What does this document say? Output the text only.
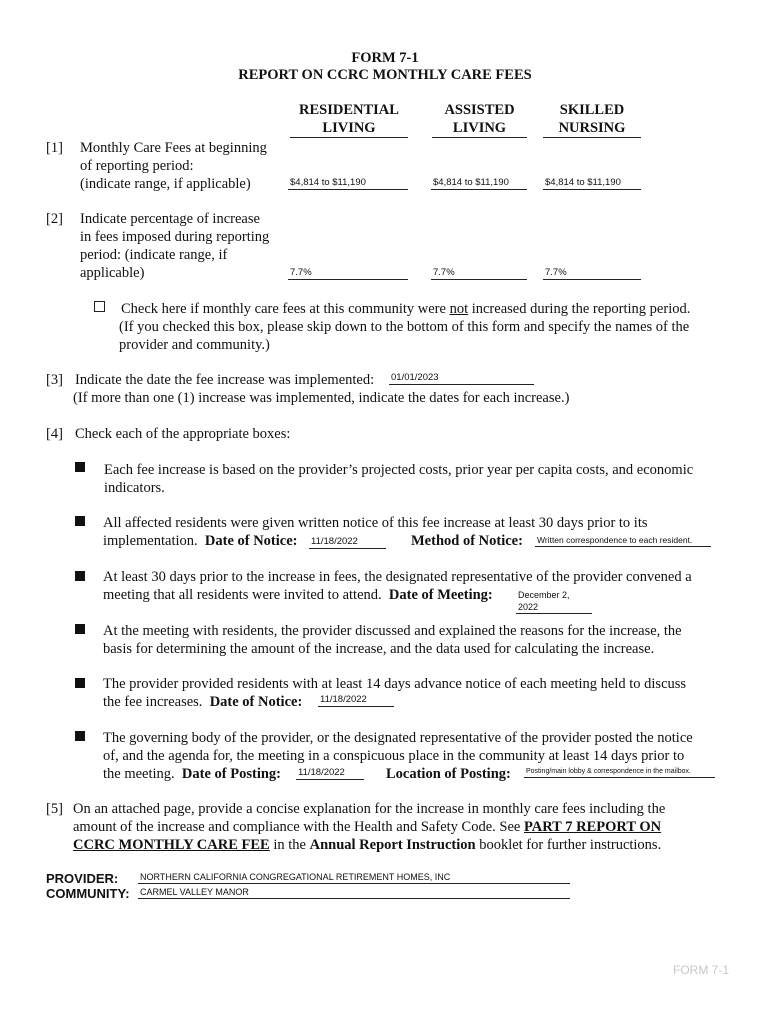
FORM 7-1
REPORT ON CCRC MONTHLY CARE FEES
RESIDENTIAL
LIVING
ASSISTED
LIVING
SKILLED
NURSING
[1] Monthly Care Fees at beginning
of reporting period:
(indicate range, if applicable)	$4,814 to $11,190	$4,814 to $11,190	$4,814 to $11,190
[2] Indicate percentage of increase
in fees imposed during reporting
period: (indicate range, if
applicable)	7.7%	7.7%	7.7%
Check here if monthly care fees at this community were not increased during the reporting period.
(If you checked this box, please skip down to the bottom of this form and specify the names of the
provider and community.)
[3] Indicate the date the fee increase was implemented: 01/01/2023
(If more than one (1) increase was implemented, indicate the dates for each increase.)
[4] Check each of the appropriate boxes:
Each fee increase is based on the provider’s projected costs, prior year per capita costs, and economic
indicators.
All affected residents were given written notice of this fee increase at least 30 days prior to its
implementation. Date of Notice: 11/18/2022	Method of Notice: Written correspondence to each resident.
At least 30 days prior to the increase in fees, the designated representative of the provider convened a
meeting that all residents were invited to attend. Date of Meeting:	December 2, 2022
At the meeting with residents, the provider discussed and explained the reasons for the increase, the
basis for determining the amount of the increase, and the data used for calculating the increase.
The provider provided residents with at least 14 days advance notice of each meeting held to discuss
the fee increases. Date of Notice: 11/18/2022
The governing body of the provider, or the designated representative of the provider posted the notice
of, and the agenda for, the meeting in a conspicuous place in the community at least 14 days prior to
the meeting. Date of Posting: 11/18/2022	Location of Posting: Posting/main lobby & correspondence in the mailbox.
[5] On an attached page, provide a concise explanation for the increase in monthly care fees including the
amount of the increase and compliance with the Health and Safety Code. See PART 7 REPORT ON
CCRC MONTHLY CARE FEE in the Annual Report Instruction booklet for further instructions.
PROVIDER: NORTHERN CALIFORNIA CONGREGATIONAL RETIREMENT HOMES, INC
COMMUNITY: CARMEL VALLEY MANOR
FORM 7-1
